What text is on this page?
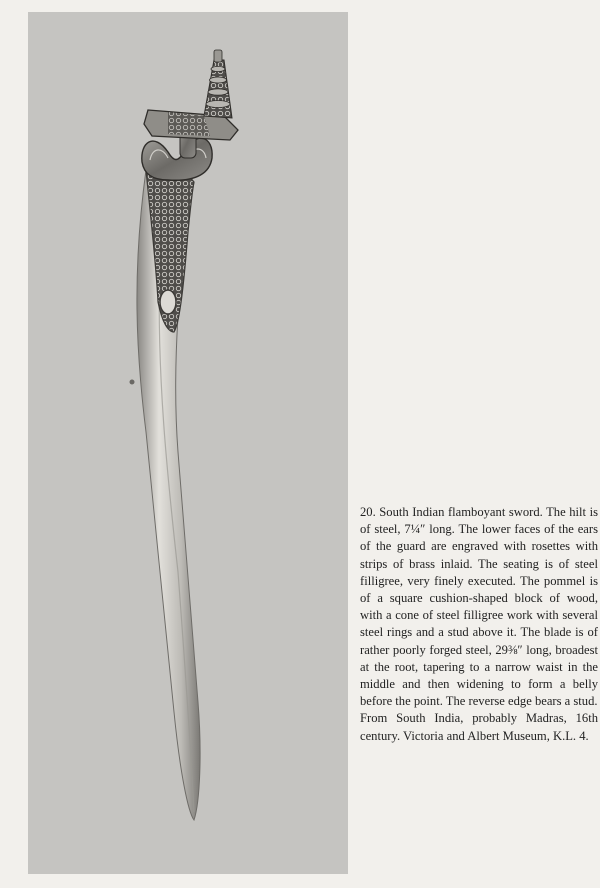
20. South Indian flamboyant sword. The hilt is of steel, 7¼″ long. The lower faces of the ears of the guard are engraved with rosettes with strips of brass inlaid. The seating is of steel filligree, very finely executed. The pommel is of a square cushion-shaped block of wood, with a cone of steel filligree work with several steel rings and a stud above it. The blade is of rather poorly forged steel, 29⅜″ long, broadest at the root, tapering to a narrow waist in the middle and then widening to form a belly before the point. The reverse edge bears a stud.

From South India, probably Madras, 16th century. Victoria and Albert Museum, K.L. 4.
